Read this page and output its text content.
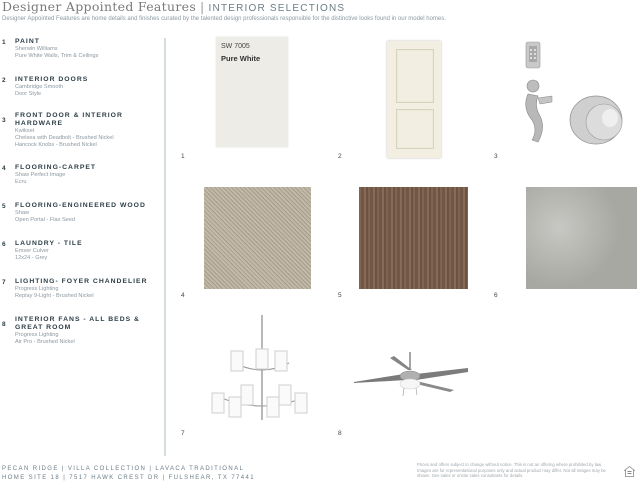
Designer Appointed Features | INTERIOR SELECTIONS
Designer Appointed Features are home details and finishes curated by the talented design professionals responsible for the distinctive looks found in our model homes.
1 PAINT
Sherwin Williams
Pure White Walls, Trim & Ceilings
2 INTERIOR DOORS
Cambridge Smooth
Door Style
3
FRONT DOOR & INTERIOR HARDWARE
Kwikset
Chelsea with Deadbolt - Brushed Nickel
Hancock Knobs - Brushed Nickel
4 FLOORING-CARPET
Shaw Perfect Image
Ecru
5 FLOORING-ENGINEERED WOOD
Shaw
Open Portal - Flax Seed
6 LAUNDRY - TILE
Emser Culver
12x24 - Grey
7 LIGHTING- FOYER CHANDELIER
Progress Lighting
Replay 9-Light - Brushed Nickel
8
INTERIOR FANS - ALL BEDS & GREAT ROOM
Progress Lighting
Air Pro - Brushed Nickel
SW 7005
Pure White
1	2	3
4	5	6
7	8
PECAN RIDGE | VILLA COLLECTION | LAVACA TRADITIONAL
HOME SITE 18 | 7517 HAWK CREST DR | FULSHEAR, TX 77441
Prices and offers subject to change without notice. This is not an offering where prohibited by law. Images are for representational purposes only and actual product may differ. Not all images may be shown. See sales or onsite sales consultants for details.
